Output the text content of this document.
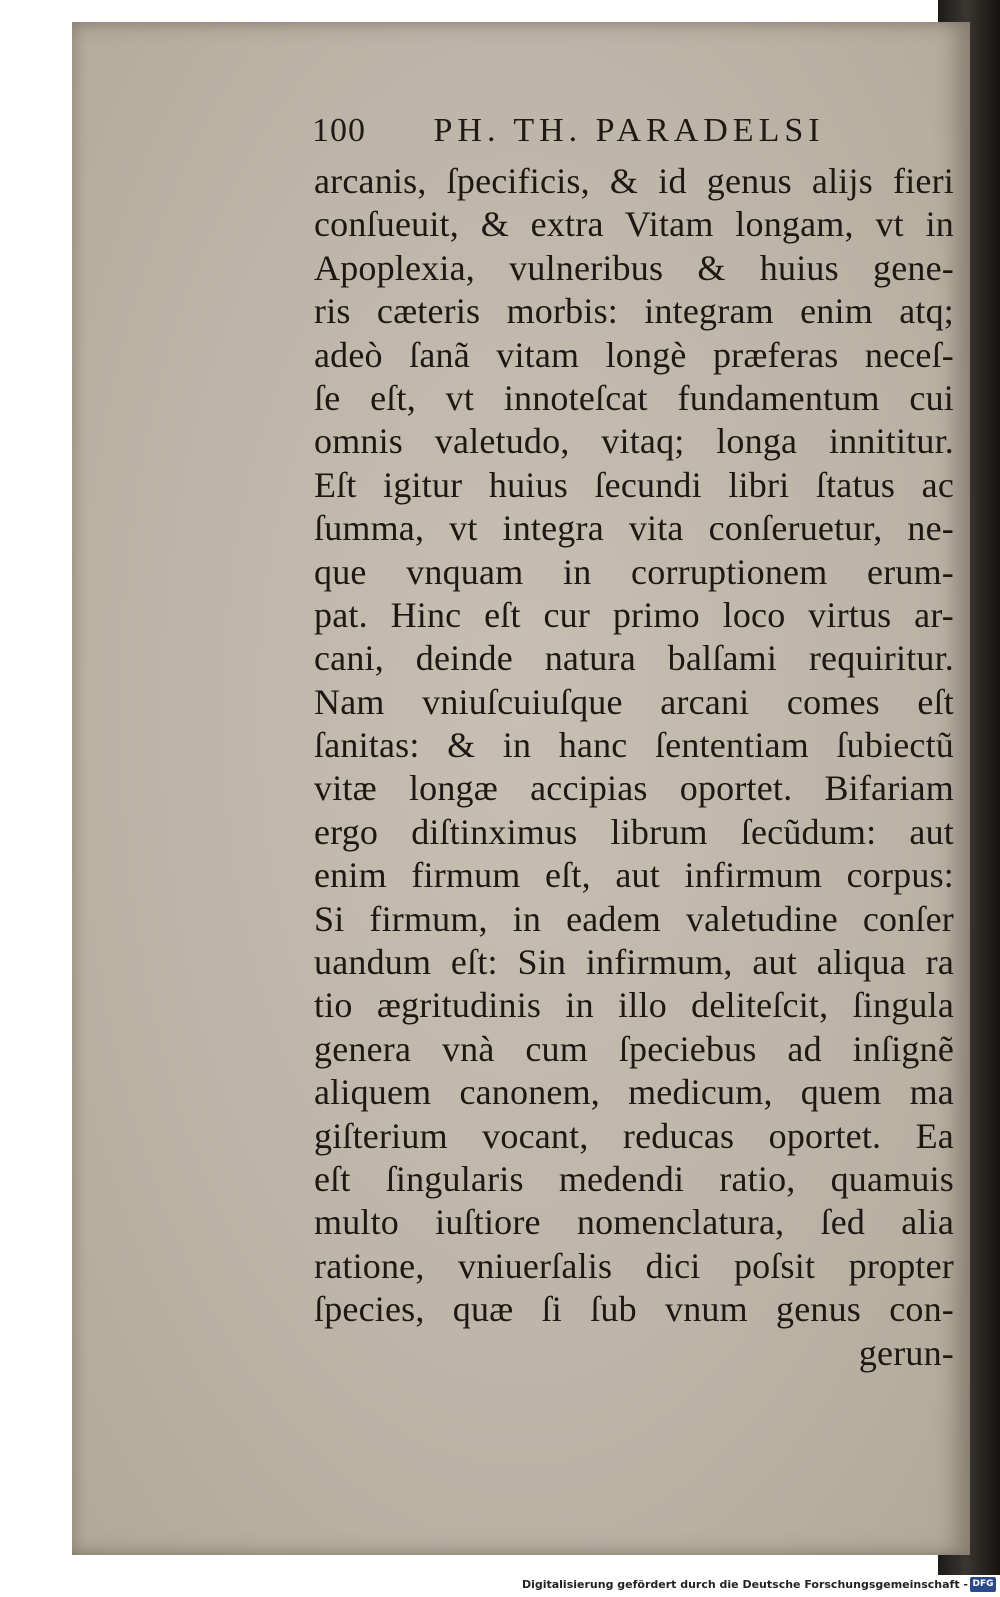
100 PH. TH. PARADELSI
arcanis, ſpecificis, & id genus alijs fieri
conſueuit, & extra Vitam longam, vt in
Apoplexia, vulneribus & huius gene-
ris cæteris morbis: integram enim atq;
adeò ſanã vitam longè præferas neceſ-
ſe eſt, vt innoteſcat fundamentum cui
omnis valetudo, vitaq; longa innititur.
Eſt igitur huius ſecundi libri ſtatus ac
ſumma, vt integra vita conſeruetur, ne-
que vnquam in corruptionem erum-
pat. Hinc eſt cur primo loco virtus ar-
cani, deinde natura balſami requiritur.
Nam vniuſcuiuſque arcani comes eſt
ſanitas: & in hanc ſententiam ſubiectũ
vitæ longæ accipias oportet. Bifariam
ergo diſtinximus librum ſecũdum: aut
enim firmum eſt, aut infirmum corpus:
Si firmum, in eadem valetudine conſer
uandum eſt: Sin infirmum, aut aliqua ra
tio ægritudinis in illo deliteſcit, ſingula
genera vnà cum ſpeciebus ad inſignẽ
aliquem canonem, medicum, quem ma
giſterium vocant, reducas oportet. Ea
eſt ſingularis medendi ratio, quamuis
multo iuſtiore nomenclatura, ſed alia
ratione, vniuerſalis dici poſsit propter
ſpecies, quæ ſi ſub vnum genus con-
gerun-
Digitalisierung gefördert durch die Deutsche Forschungsgemeinschaft - DFG
